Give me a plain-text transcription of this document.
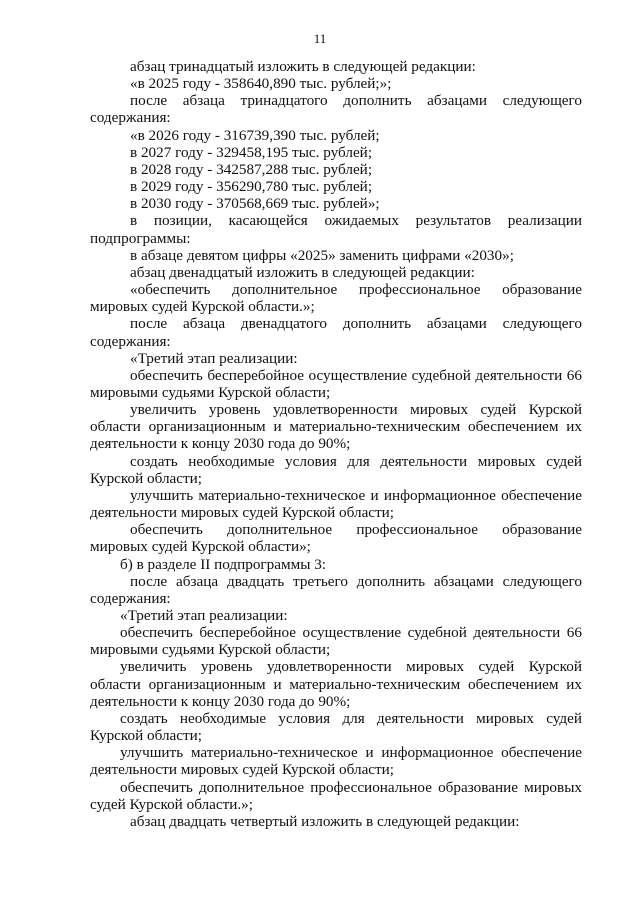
11

абзац тринадцатый изложить в следующей редакции:

«в 2025 году - 358640,890 тыс. рублей;»;

после абзаца тринадцатого дополнить абзацами следующего содержания:

«в 2026 году - 316739,390 тыс. рублей;

в 2027 году - 329458,195 тыс. рублей;

в 2028 году - 342587,288 тыс. рублей;

в 2029 году - 356290,780 тыс. рублей;

в 2030 году - 370568,669 тыс. рублей»;

в позиции, касающейся ожидаемых результатов реализации подпрограммы:

в абзаце девятом цифры «2025» заменить цифрами «2030»;

абзац двенадцатый изложить в следующей редакции:

«обеспечить дополнительное профессиональное образование мировых судей Курской области.»;

после абзаца двенадцатого дополнить абзацами следующего содержания:

«Третий этап реализации:

обеспечить бесперебойное осуществление судебной деятельности 66 мировыми судьями Курской области;

увеличить уровень удовлетворенности мировых судей Курской области организационным и материально-техническим обеспечением их деятельности к концу 2030 года до 90%;

создать необходимые условия для деятельности мировых судей Курской области;

улучшить материально-техническое и информационное обеспечение деятельности мировых судей Курской области;

обеспечить дополнительное профессиональное образование мировых судей Курской области»;

б) в разделе II подпрограммы 3:

после абзаца двадцать третьего дополнить абзацами следующего содержания:

«Третий этап реализации:

обеспечить бесперебойное осуществление судебной деятельности 66 мировыми судьями Курской области;

увеличить уровень удовлетворенности мировых судей Курской области организационным и материально-техническим обеспечением их деятельности к концу 2030 года до 90%;

создать необходимые условия для деятельности мировых судей Курской области;

улучшить материально-техническое и информационное обеспечение деятельности мировых судей Курской области;

обеспечить дополнительное профессиональное образование мировых судей Курской области.»;

абзац двадцать четвертый изложить в следующей редакции:
